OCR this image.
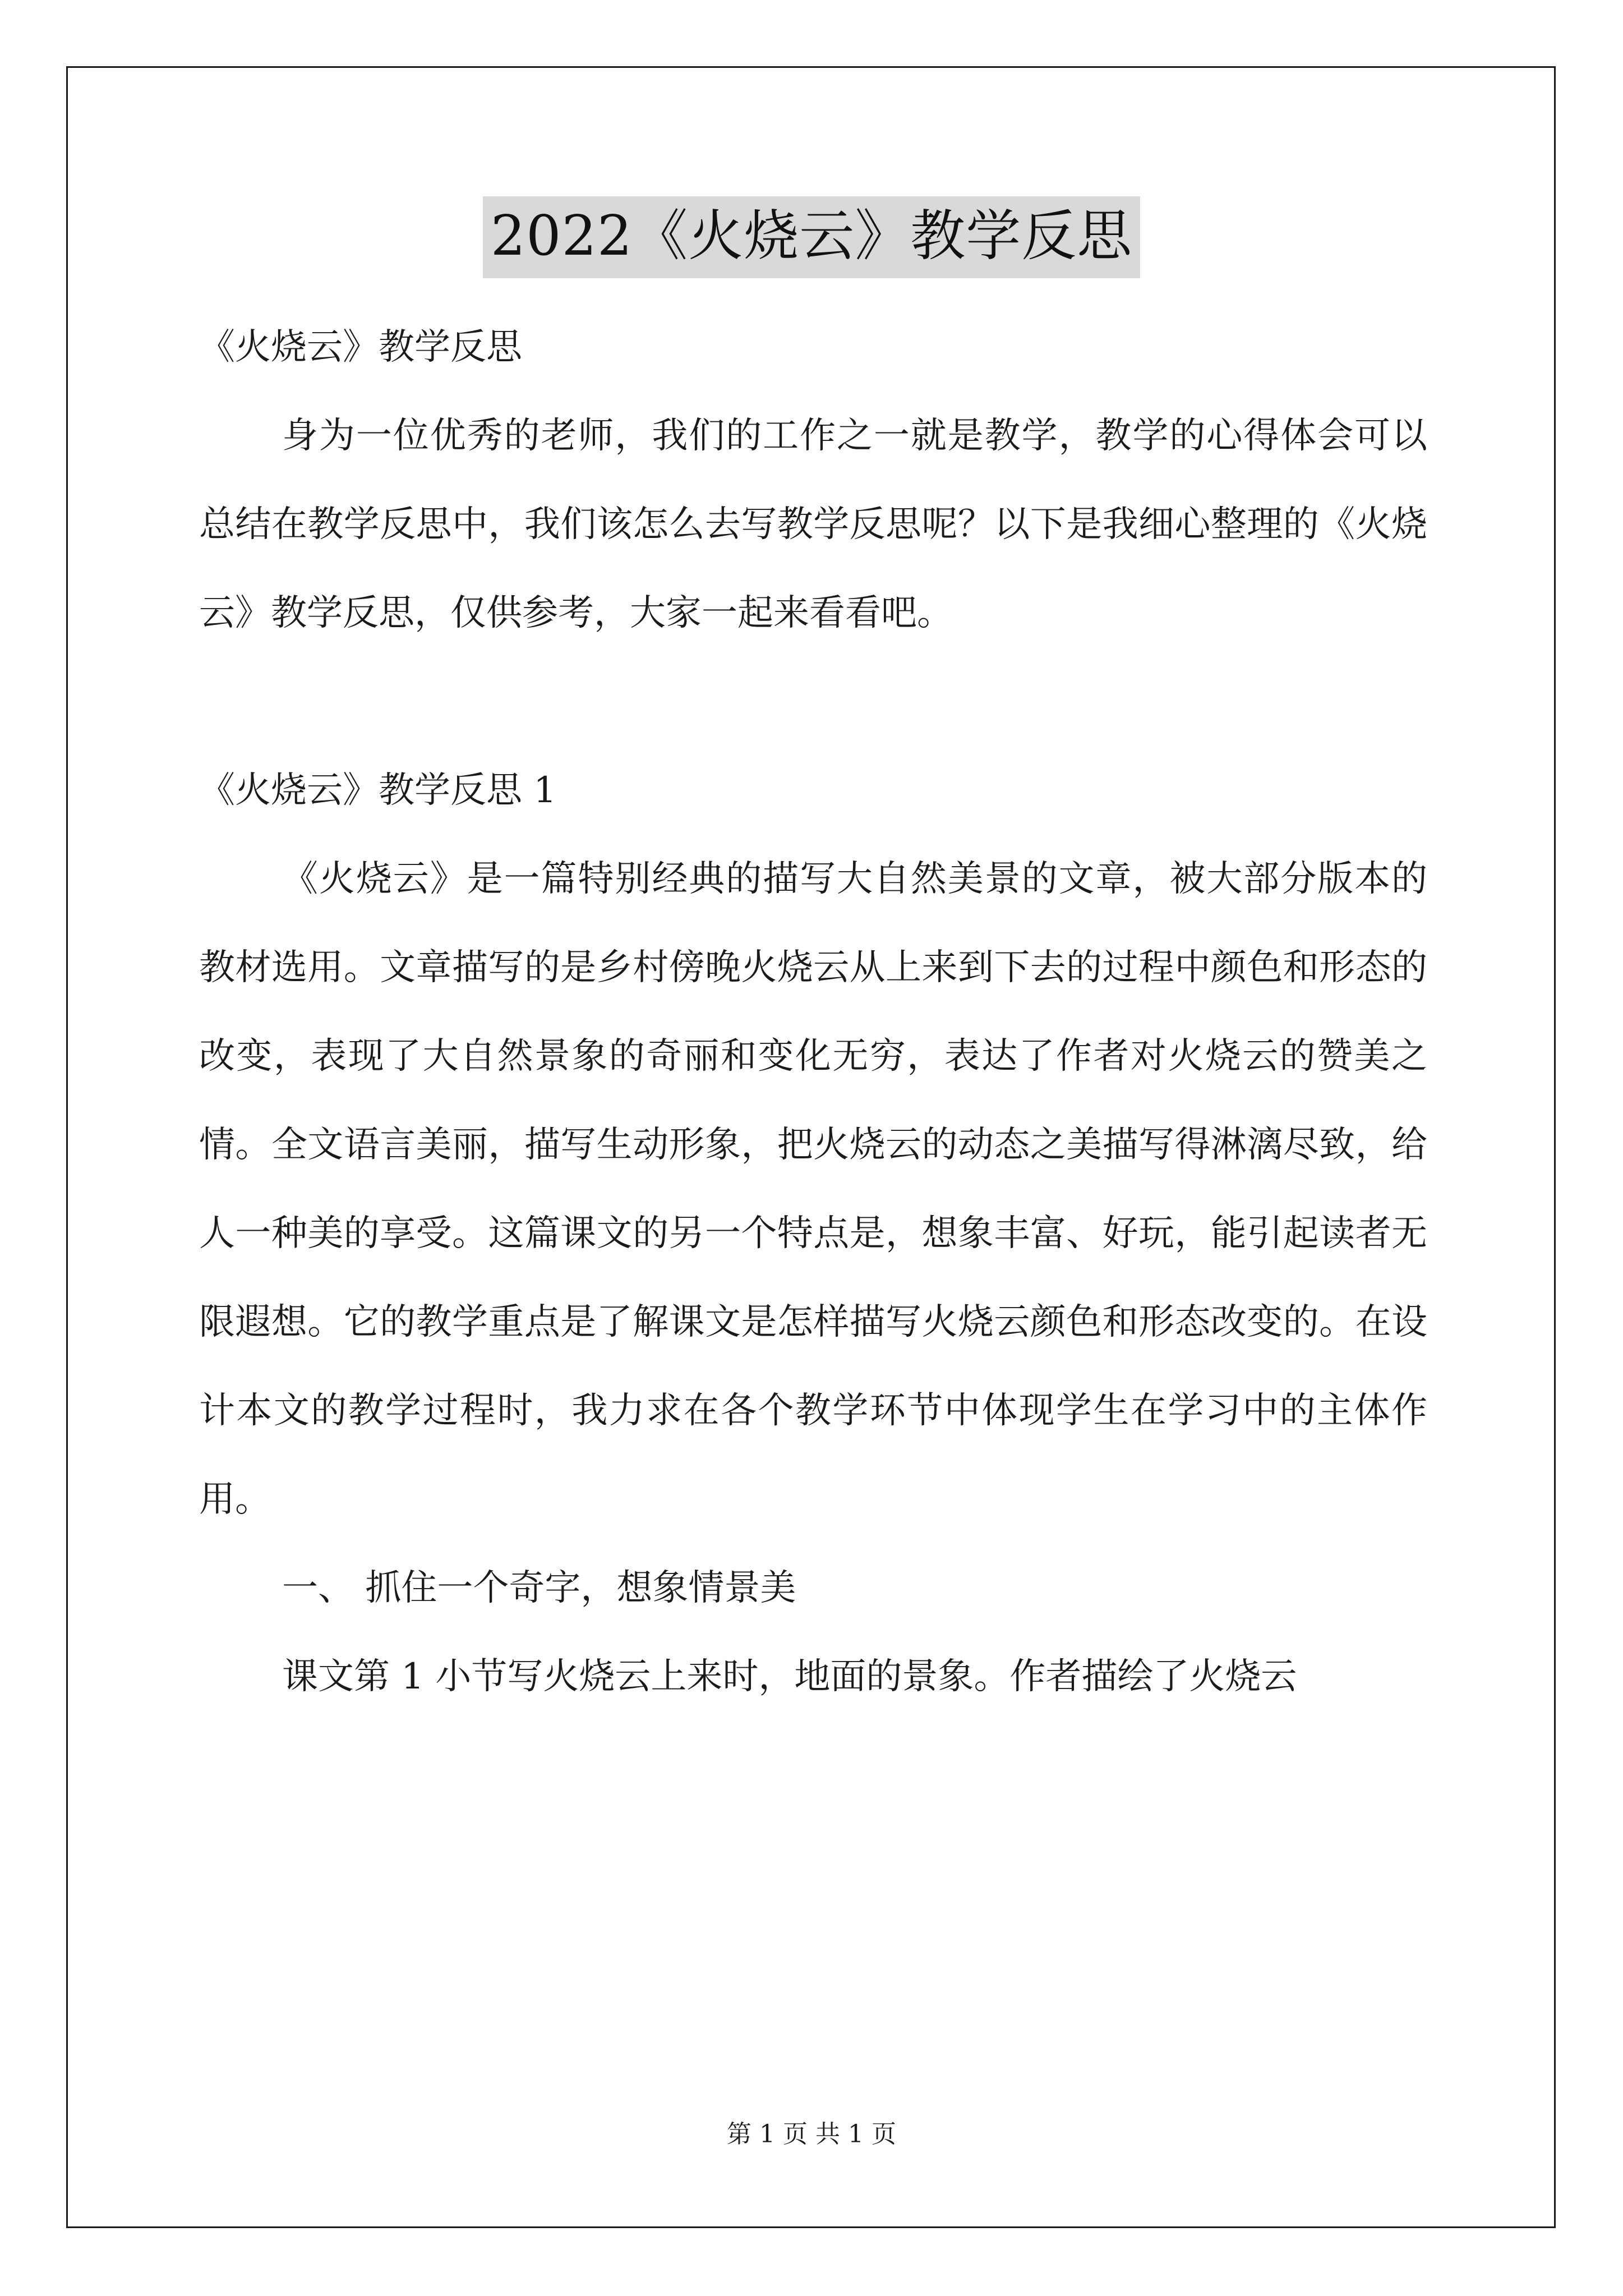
2022《火烧云》教学反思

《火烧云》教学反思

身为一位优秀的老师，我们的工作之一就是教学，教学的心得体会可以总结在教学反思中，我们该怎么去写教学反思呢？以下是我细心整理的《火烧云》教学反思，仅供参考，大家一起来看看吧。

《火烧云》教学反思 1

《火烧云》是一篇特别经典的描写大自然美景的文章，被大部分版本的教材选用。文章描写的是乡村傍晚火烧云从上来到下去的过程中颜色和形态的改变，表现了大自然景象的奇丽和变化无穷，表达了作者对火烧云的赞美之情。全文语言美丽，描写生动形象，把火烧云的动态之美描写得淋漓尽致，给人一种美的享受。这篇课文的另一个特点是，想象丰富、好玩，能引起读者无限遐想。它的教学重点是了解课文是怎样描写火烧云颜色和形态改变的。在设计本文的教学过程时，我力求在各个教学环节中体现学生在学习中的主体作用。

一、 抓住一个奇字，想象情景美

课文第 1 小节写火烧云上来时，地面的景象。作者描绘了火烧云

第 1 页 共 1 页
